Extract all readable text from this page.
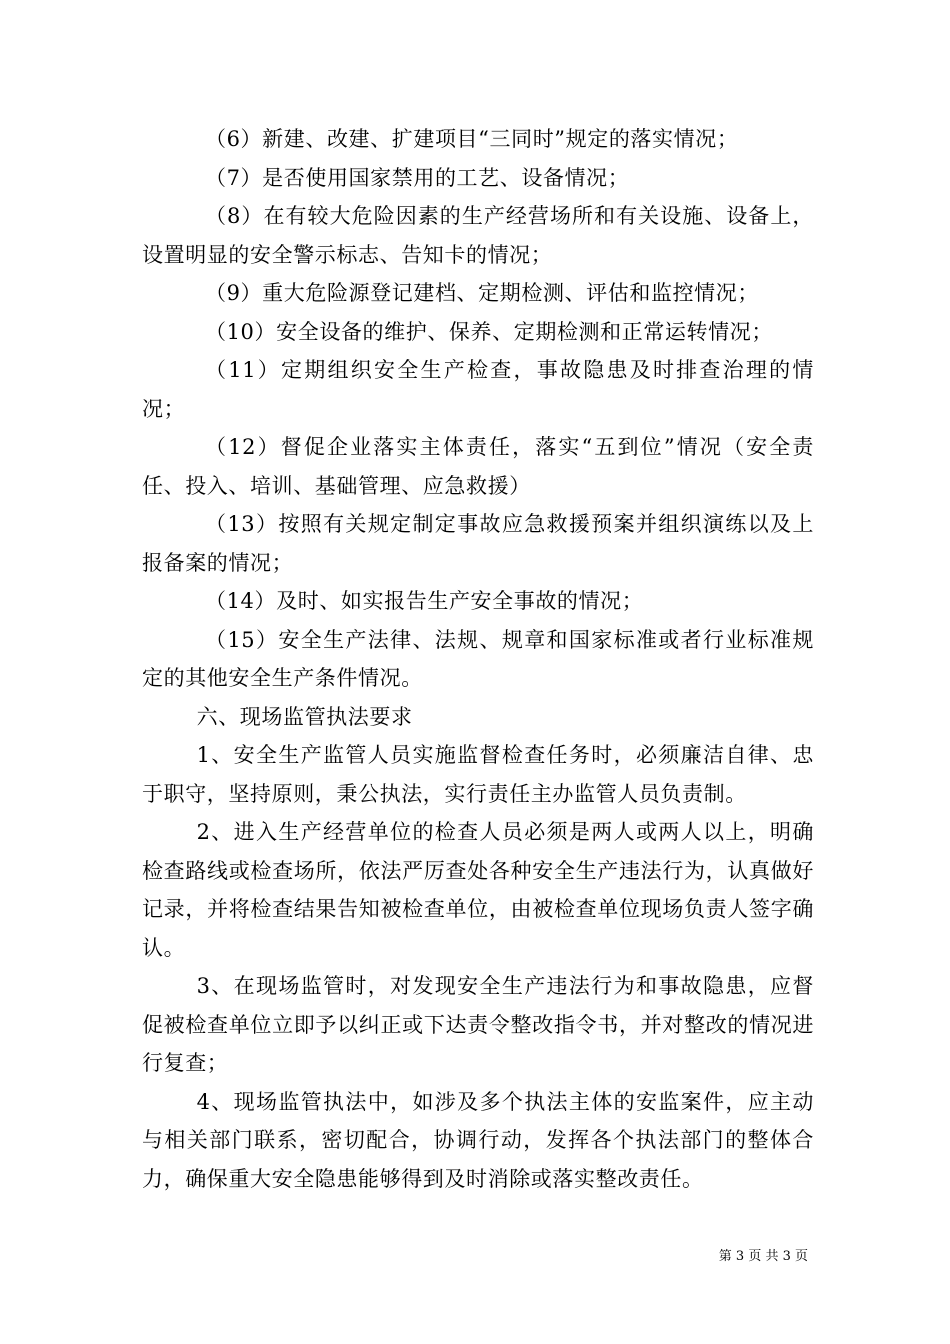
（6）新建、改建、扩建项目“三同时”规定的落实情况；

（7）是否使用国家禁用的工艺、设备情况；

（8）在有较大危险因素的生产经营场所和有关设施、设备上，设置明显的安全警示标志、告知卡的情况；

（9）重大危险源登记建档、定期检测、评估和监控情况；

（10）安全设备的维护、保养、定期检测和正常运转情况；

（11）定期组织安全生产检查，事故隐患及时排查治理的情况；

（12）督促企业落实主体责任，落实“五到位”情况（安全责任、投入、培训、基础管理、应急救援）

（13）按照有关规定制定事故应急救援预案并组织演练以及上报备案的情况；

（14）及时、如实报告生产安全事故的情况；

（15）安全生产法律、法规、规章和国家标准或者行业标准规定的其他安全生产条件情况。

六、现场监管执法要求

1、安全生产监管人员实施监督检查任务时，必须廉洁自律、忠于职守，坚持原则，秉公执法，实行责任主办监管人员负责制。

2、进入生产经营单位的检查人员必须是两人或两人以上，明确检查路线或检查场所，依法严厉查处各种安全生产违法行为，认真做好记录，并将检查结果告知被检查单位，由被检查单位现场负责人签字确认。

3、在现场监管时，对发现安全生产违法行为和事故隐患，应督促被检查单位立即予以纠正或下达责令整改指令书，并对整改的情况进行复查；

4、现场监管执法中，如涉及多个执法主体的安监案件，应主动与相关部门联系，密切配合，协调行动，发挥各个执法部门的整体合力，确保重大安全隐患能够得到及时消除或落实整改责任。

第 3 页 共 3 页
